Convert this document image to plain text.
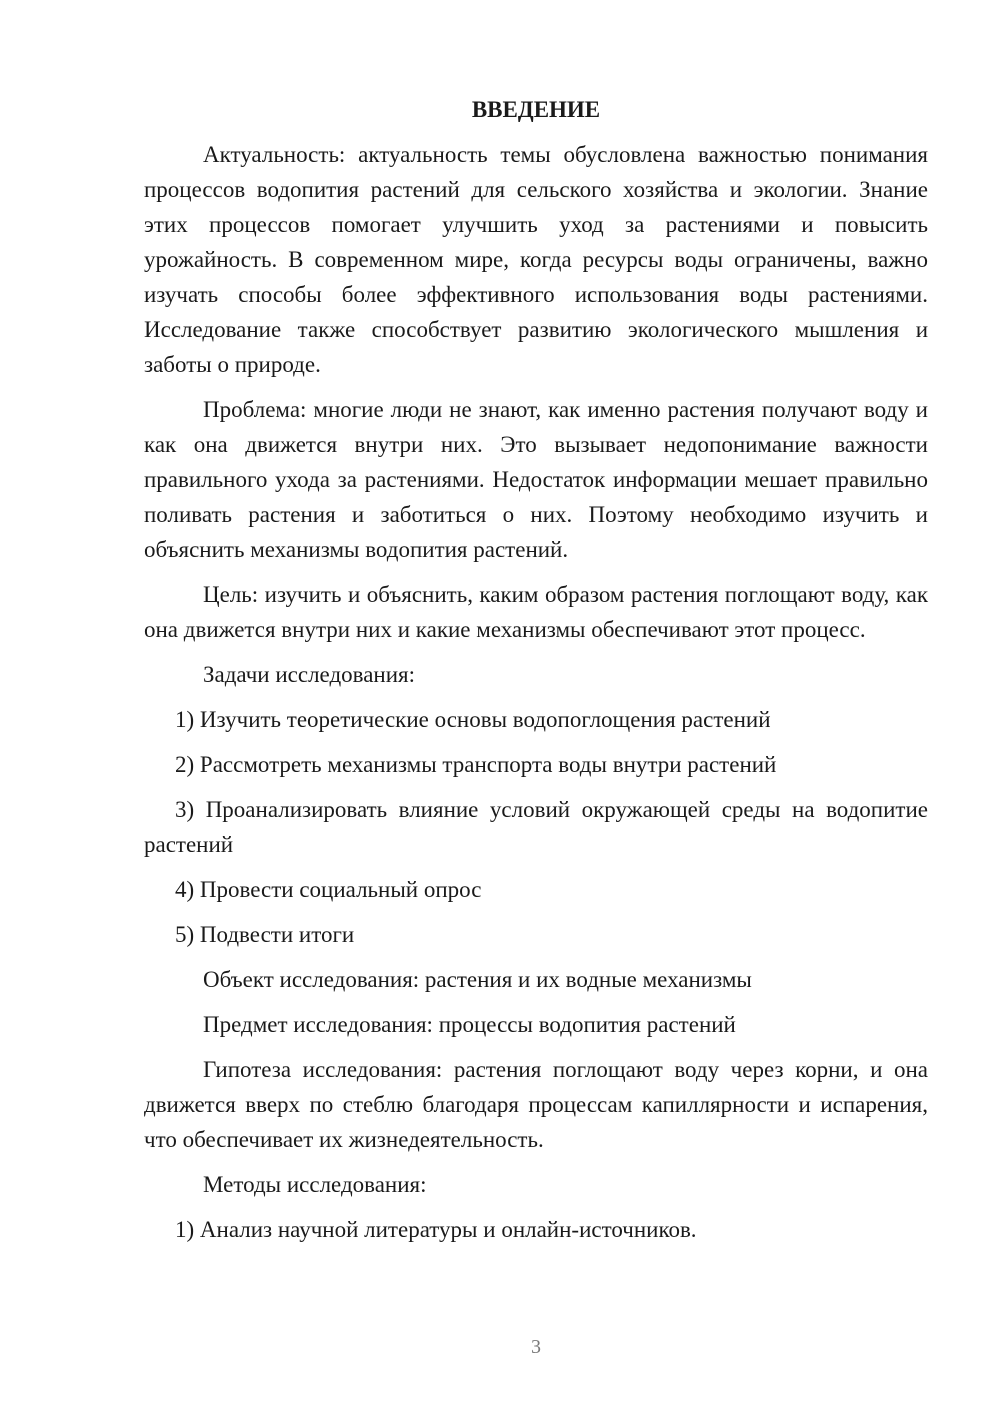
ВВЕДЕНИЕ

Актуальность: актуальность темы обусловлена важностью понимания процессов водопития растений для сельского хозяйства и экологии. Знание этих процессов помогает улучшить уход за растениями и повысить урожайность. В современном мире, когда ресурсы воды ограничены, важно изучать способы более эффективного использования воды растениями. Исследование также способствует развитию экологического мышления и заботы о природе.

Проблема: многие люди не знают, как именно растения получают воду и как она движется внутри них. Это вызывает недопонимание важности правильного ухода за растениями. Недостаток информации мешает правильно поливать растения и заботиться о них. Поэтому необходимо изучить и объяснить механизмы водопития растений.

Цель: изучить и объяснить, каким образом растения поглощают воду, как она движется внутри них и какие механизмы обеспечивают этот процесс.

Задачи исследования:

1) Изучить теоретические основы водопоглощения растений

2) Рассмотреть механизмы транспорта воды внутри растений

3) Проанализировать влияние условий окружающей среды на водопитие растений

4) Провести социальный опрос

5) Подвести итоги

Объект исследования: растения и их водные механизмы

Предмет исследования: процессы водопития растений

Гипотеза исследования: растения поглощают воду через корни, и она движется вверх по стеблю благодаря процессам капиллярности и испарения, что обеспечивает их жизнедеятельность.

Методы исследования:

1) Анализ научной литературы и онлайн-источников.

3
